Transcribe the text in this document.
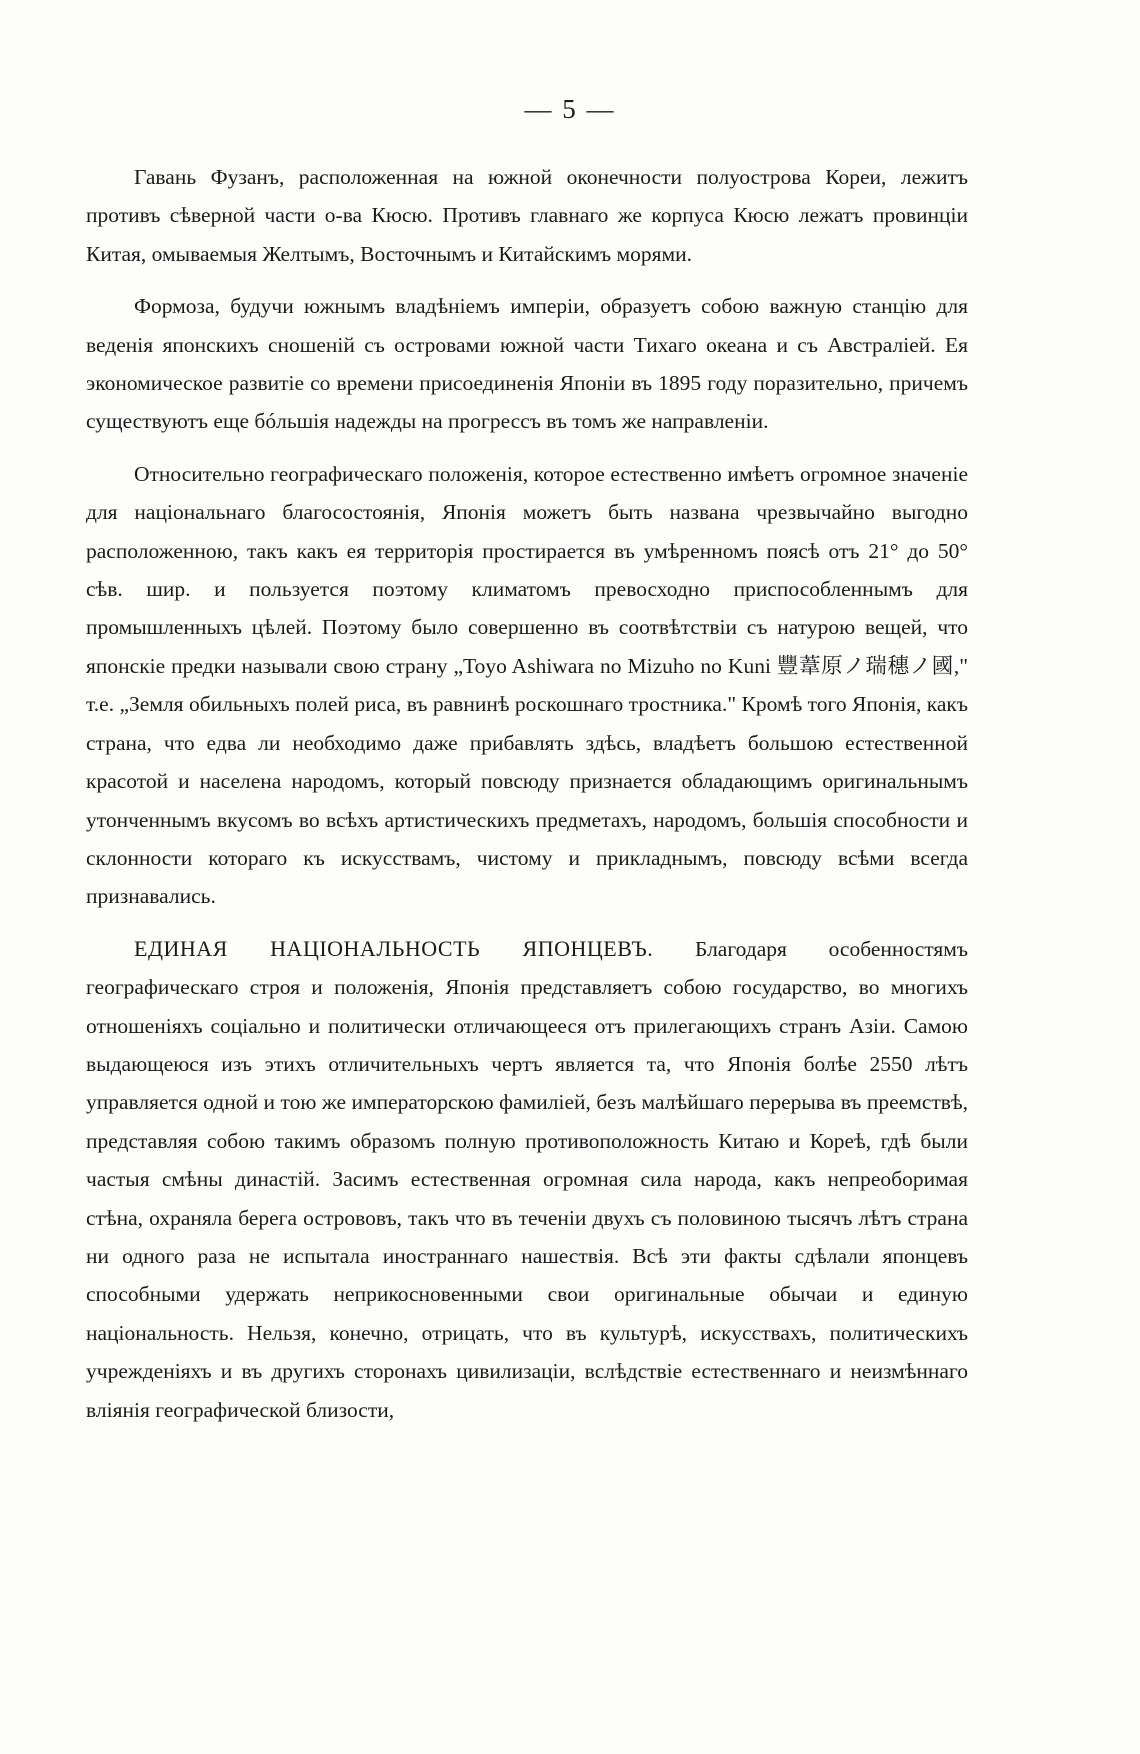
— 5 —

Гавань Фузанъ, расположенная на южной оконечности полуострова Кореи, лежитъ противъ сѣверной части о-ва Кюсю. Противъ главнаго же корпуса Кюсю лежатъ провинціи Китая, омываемыя Желтымъ, Восточнымъ и Китайскимъ морями.

Формоза, будучи южнымъ владѣніемъ имперіи, образуетъ собою важную станцію для веденія японскихъ сношеній съ островами южной части Тихаго океана и съ Австраліей. Ея экономическое развитіе со времени присоединенія Японіи въ 1895 году поразительно, причемъ существуютъ еще бóльшія надежды на прогрессъ въ томъ же направленіи.

Относительно географическаго положенія, которое естественно имѣетъ огромное значеніе для національнаго благосостоянія, Японія можетъ быть названа чрезвычайно выгодно расположенною, такъ какъ ея территорія простирается въ умѣренномъ поясѣ отъ 21° до 50° сѣв. шир. и пользуется поэтому климатомъ превосходно приспособленнымъ для промышленныхъ цѣлей. Поэтому было совершенно въ соотвѣтствіи съ натурою вещей, что японскіе предки называли свою страну „Toyo Ashiwara no Mizuho no Kuni 豐葦原ノ瑞穗ノ國," т.е. „Земля обильныхъ полей риса, въ равнинѣ роскошнаго тростника." Кромѣ того Японія, какъ страна, что едва ли необходимо даже прибавлять здѣсь, владѣетъ большою естественной красотой и населена народомъ, который повсюду признается обладающимъ оригинальнымъ утонченнымъ вкусомъ во всѣхъ артистическихъ предметахъ, народомъ, большія способности и склонности котораго къ искусствамъ, чистому и прикладнымъ, повсюду всѣми всегда признавались.

ЕДИНАЯ НАЦІОНАЛЬНОСТЬ ЯПОНЦЕВЪ. Благодаря особенностямъ географическаго строя и положенія, Японія представляетъ собою государство, во многихъ отношеніяхъ соціально и политически отличающееся отъ прилегающихъ странъ Азіи. Самою выдающеюся изъ этихъ отличительныхъ чертъ является та, что Японія болѣе 2550 лѣтъ управляется одной и тою же императорскою фамиліей, безъ малѣйшаго перерыва въ преемствѣ, представляя собою такимъ образомъ полную противоположность Китаю и Кореѣ, гдѣ были частыя смѣны династій. Засимъ естественная огромная сила народа, какъ непреоборимая стѣна, охраняла берега острововъ, такъ что въ теченіи двухъ съ половиною тысячъ лѣтъ страна ни одного раза не испытала иностраннаго нашествія. Всѣ эти факты сдѣлали японцевъ способными удержать неприкосновенными свои оригинальные обычаи и единую національность. Нельзя, конечно, отрицать, что въ культурѣ, искусствахъ, политическихъ учрежденіяхъ и въ другихъ сторонахъ цивилизаціи, вслѣдствіе естественнаго и неизмѣннаго вліянія географической близости,
